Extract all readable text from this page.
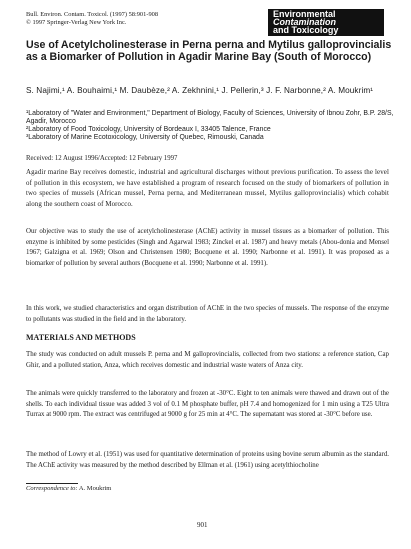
Bull. Environ. Contam. Toxicol. (1997) 58:901-908
© 1997 Springer-Verlag New York Inc.
Environmental
Contamination
and Toxicology
Use of Acetylcholinesterase in Perna perna and Mytilus galloprovincialis as a Biomarker of Pollution in Agadir Marine Bay (South of Morocco)
S. Najimi,¹ A. Bouhaimi,¹ M. Daubèze,² A. Zekhnini,¹ J. Pellerin,³ J. F. Narbonne,² A. Moukrim¹
¹Laboratory of "Water and Environment," Department of Biology, Faculty of Sciences, University of Ibnou Zohr, B.P. 28/S, Agadir, Morocco
²Laboratory of Food Toxicology, University of Bordeaux I, 33405 Talence, France
³Laboratory of Marine Ecotoxicology, University of Quebec, Rimouski, Canada
Received: 12 August 1996/Accepted: 12 February 1997

Agadir marine Bay receives domestic, industrial and agricultural discharges without previous purification. To assess the level of pollution in this ecosystem, we have established a program of research focused on the study of biomarkers of pollution in two species of mussels (African mussel, Perna perna, and Mediterranean mussel, Mytilus galloprovincialis) which cohabit along the southern coast of Morocco.

Our objective was to study the use of acetylcholinesterase (AChE) activity in mussel tissues as a biomarker of pollution. This enzyme is inhibited by some pesticides (Singh and Agarwal 1983; Zinckel et al. 1987) and heavy metals (Abou-donia and Mensel 1967; Galzigna et al. 1969; Olson and Christensen 1980; Bocquene et al. 1990; Narbonne et al. 1991). It was proposed as a biomarker of pollution by several authors (Bocquene et al. 1990; Narbonne et al. 1991).

In this work, we studied characteristics and organ distribution of AChE in the two species of mussels. The response of the enzyme to pollutants was studied in the field and in the laboratory.

MATERIALS AND METHODS

The study was conducted on adult mussels P. perna and M galloprovincialis, collected from two stations: a reference station, Cap Ghir, and a polluted station, Anza, which receives domestic and industrial waste waters of Anza city.

The animals were quickly transferred to the laboratory and frozen at -30°C. Eight to ten animals were thawed and drawn out of the shells. To each individual tissue was added 3 vol of 0.1 M phosphate buffer, pH 7.4 and homogenized for 1 min using a T25 Ultra Turrax at 9000 rpm. The extract was centrifuged at 9000 g for 25 min at 4°C. The supernatant was stored at -30°C before use.

The method of Lowry et al. (1951) was used for quantitative determination of proteins using bovine serum albumin as the standard. The AChE activity was measured by the method described by Ellman et al. (1961) using acetylthiocholine

Correspondence to: A. Moukrim
901
